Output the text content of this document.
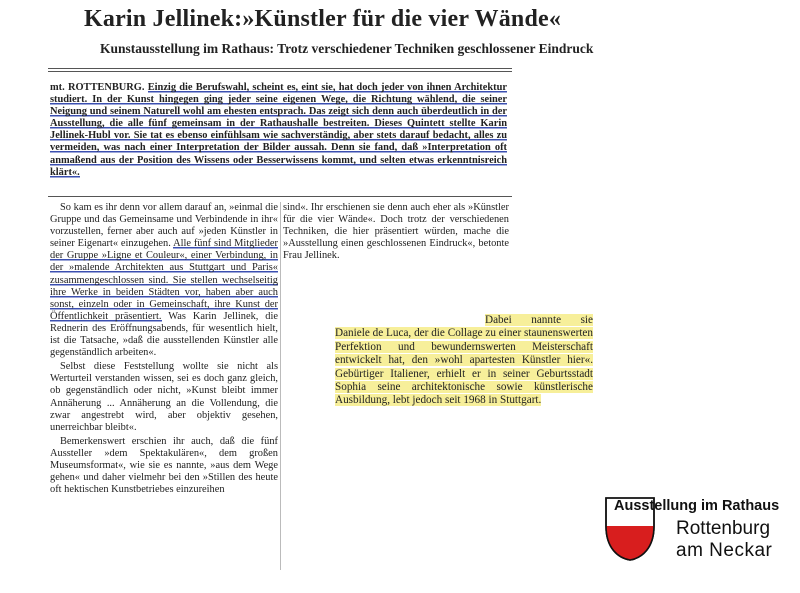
Karin Jellinek:»Künstler für die vier Wände«
Kunstausstellung im Rathaus: Trotz verschiedener Techniken geschlossener Eindruck
mt. ROTTENBURG. Einzig die Berufswahl, scheint es, eint sie, hat doch jeder von ihnen Architektur studiert. In der Kunst hingegen ging jeder seine eigenen Wege, die Richtung wählend, die seiner Neigung und seinem Naturell wohl am ehesten entsprach. Das zeigt sich denn auch überdeutlich in der Ausstellung, die alle fünf gemeinsam in der Rathaushalle bestreiten. Dieses Quintett stellte Karin Jellinek-Hubl vor. Sie tat es ebenso einfühlsam wie sachverständig, aber stets darauf bedacht, alles zu vermeiden, was nach einer Interpretation der Bilder aussah. Denn sie fand, daß »Interpretation oft anmaßend aus der Position des Wissens oder Besserwissens kommt, und selten etwas erkenntnisreich klärt«.

So kam es ihr denn vor allem darauf an, »einmal die Gruppe und das Gemeinsame und Verbindende in ihr« vorzustellen, ferner aber auch auf »jeden Künstler in seiner Eigenart« einzugehen. Alle fünf sind Mitglieder der Gruppe »Ligne et Couleur«, einer Verbindung, in der »malende Architekten aus Stuttgart und Paris« zusammengeschlossen sind. Sie stellen wechselseitig ihre Werke in beiden Städten vor, haben aber auch sonst, einzeln oder in Gemeinschaft, ihre Kunst der Öffentlichkeit präsentiert. Was Karin Jellinek, die Rednerin des Eröffnungsabends, für wesentlich hielt, ist die Tatsache, »daß die ausstellenden Künstler alle gegenständlich arbeiten«.

Selbst diese Feststellung wollte sie nicht als Werturteil verstanden wissen, sei es doch ganz gleich, ob gegenständlich oder nicht, »Kunst bleibt immer Annäherung ... Annäherung an die Vollendung, die zwar angestrebt wird, aber objektiv gesehen, unerreichbar bleibt«.

Bemerkenswert erschien ihr auch, daß die fünf Aussteller »dem Spektakulären«, dem großen Museumsformat«, wie sie es nannte, »aus dem Wege gehen« und daher vielmehr bei den »Stillen des heute oft hektischen Kunstbetriebes einzureihen

sind«. Ihr erschienen sie denn auch eher als »Künstler für die vier Wände«. Doch trotz der verschiedenen Techniken, die hier präsentiert würden, mache die »Ausstellung einen geschlossenen Eindruck«, betonte Frau Jellinek.

Dabei nannte sie Daniele de Luca, der die Collage zu einer staunenswerten Perfektion und bewundernswerten Meisterschaft entwickelt hat, den »wohl apartesten Künstler hier«. Gebürtiger Italiener, erhielt er in seiner Geburtsstadt Sophia seine architektonische sowie künstlerische Ausbildung, lebt jedoch seit 1968 in Stuttgart.

Ausstellung im Rathaus
Rottenburg
am Neckar
